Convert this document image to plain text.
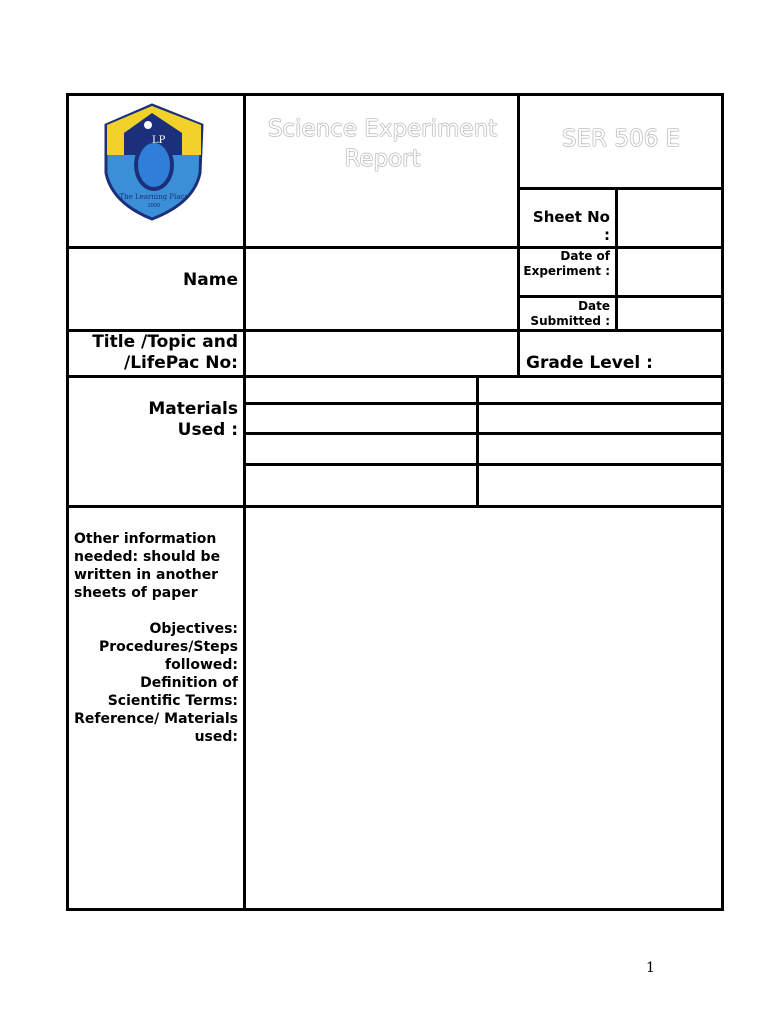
LP
2000
The Learning Place
Science Experiment Report
SER 506 E
Sheet No :
Name
Date of Experiment :
Date Submitted :
Title /Topic and /LifePac No:	Grade Level :
Materials Used :
Other information needed: should be written in another sheets of paper
Objectives:
Procedures/Steps followed:
Definition of Scientific Terms:
Reference/ Materials used:
1
